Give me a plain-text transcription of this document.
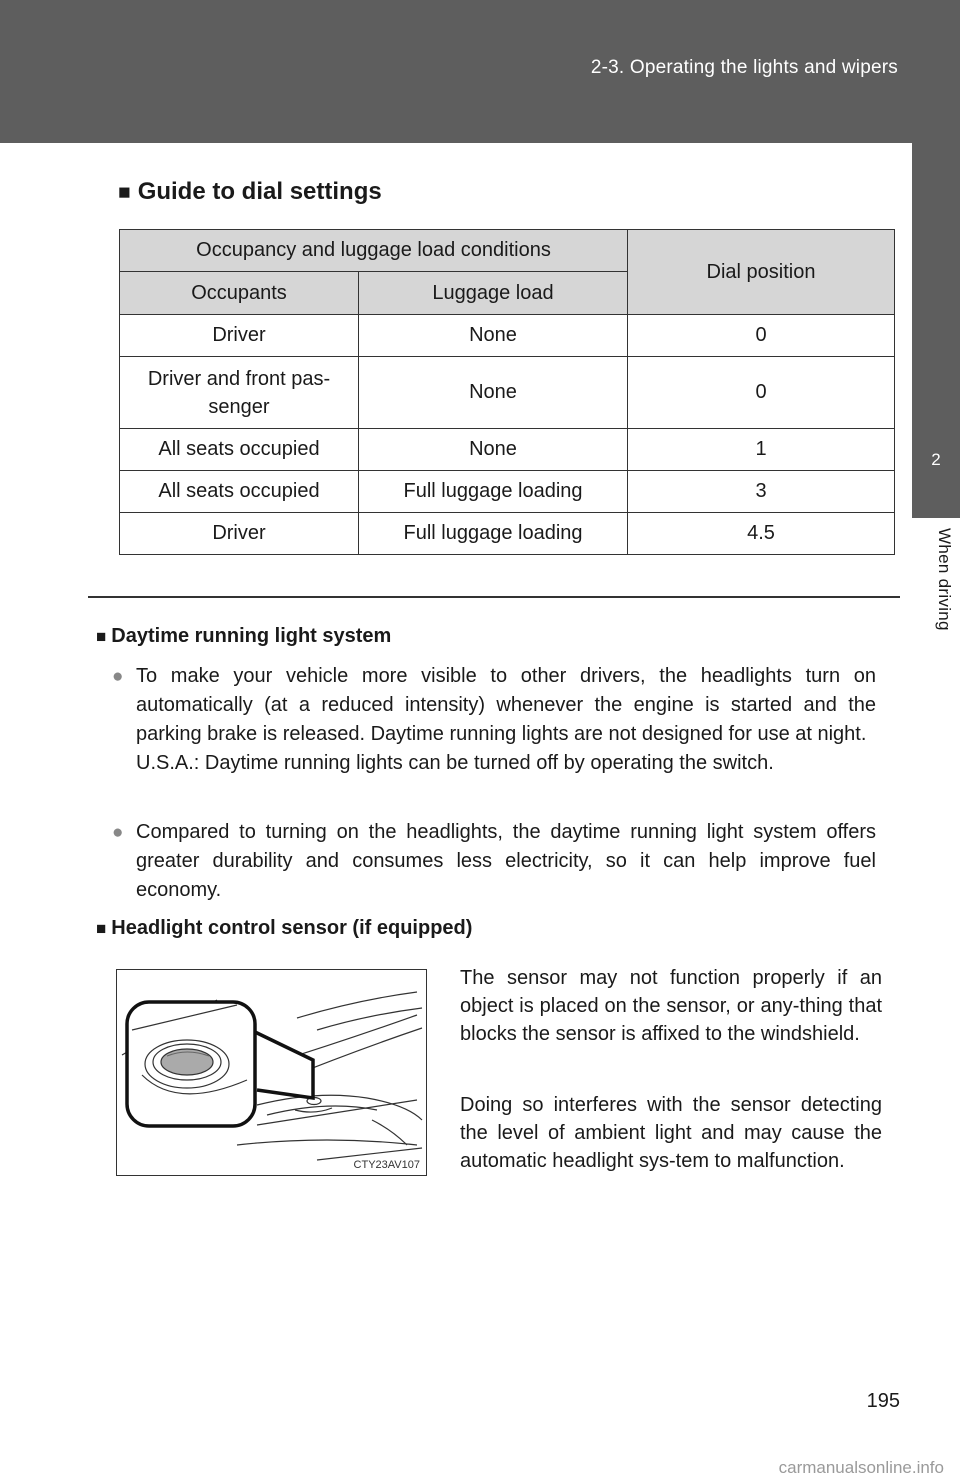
2-3. Operating the lights and wipers
2
When driving
■ Guide to dial settings
Occupancy and luggage load conditions		Dial position
Occupants	Luggage load	
Driver	None	0
Driver and front pas-
senger	None	0
All seats occupied	None	1
All seats occupied	Full luggage loading	3
Driver	Full luggage loading	4.5
■ Daytime running light system
● To make your vehicle more visible to other drivers, the headlights turn on automatically (at a reduced intensity) whenever the engine is started and the parking brake is released. Daytime running lights are not designed for use at night.
U.S.A.: Daytime running lights can be turned off by operating the switch.
● Compared to turning on the headlights, the daytime running light system offers greater durability and consumes less electricity, so it can help improve fuel economy.
■ Headlight control sensor (if equipped)
CTY23AV107
The sensor may not function properly if an object is placed on the sensor, or any-thing that blocks the sensor is affixed to the windshield.
Doing so interferes with the sensor detecting the level of ambient light and may cause the automatic headlight sys-tem to malfunction.
195
carmanualsonline.info
